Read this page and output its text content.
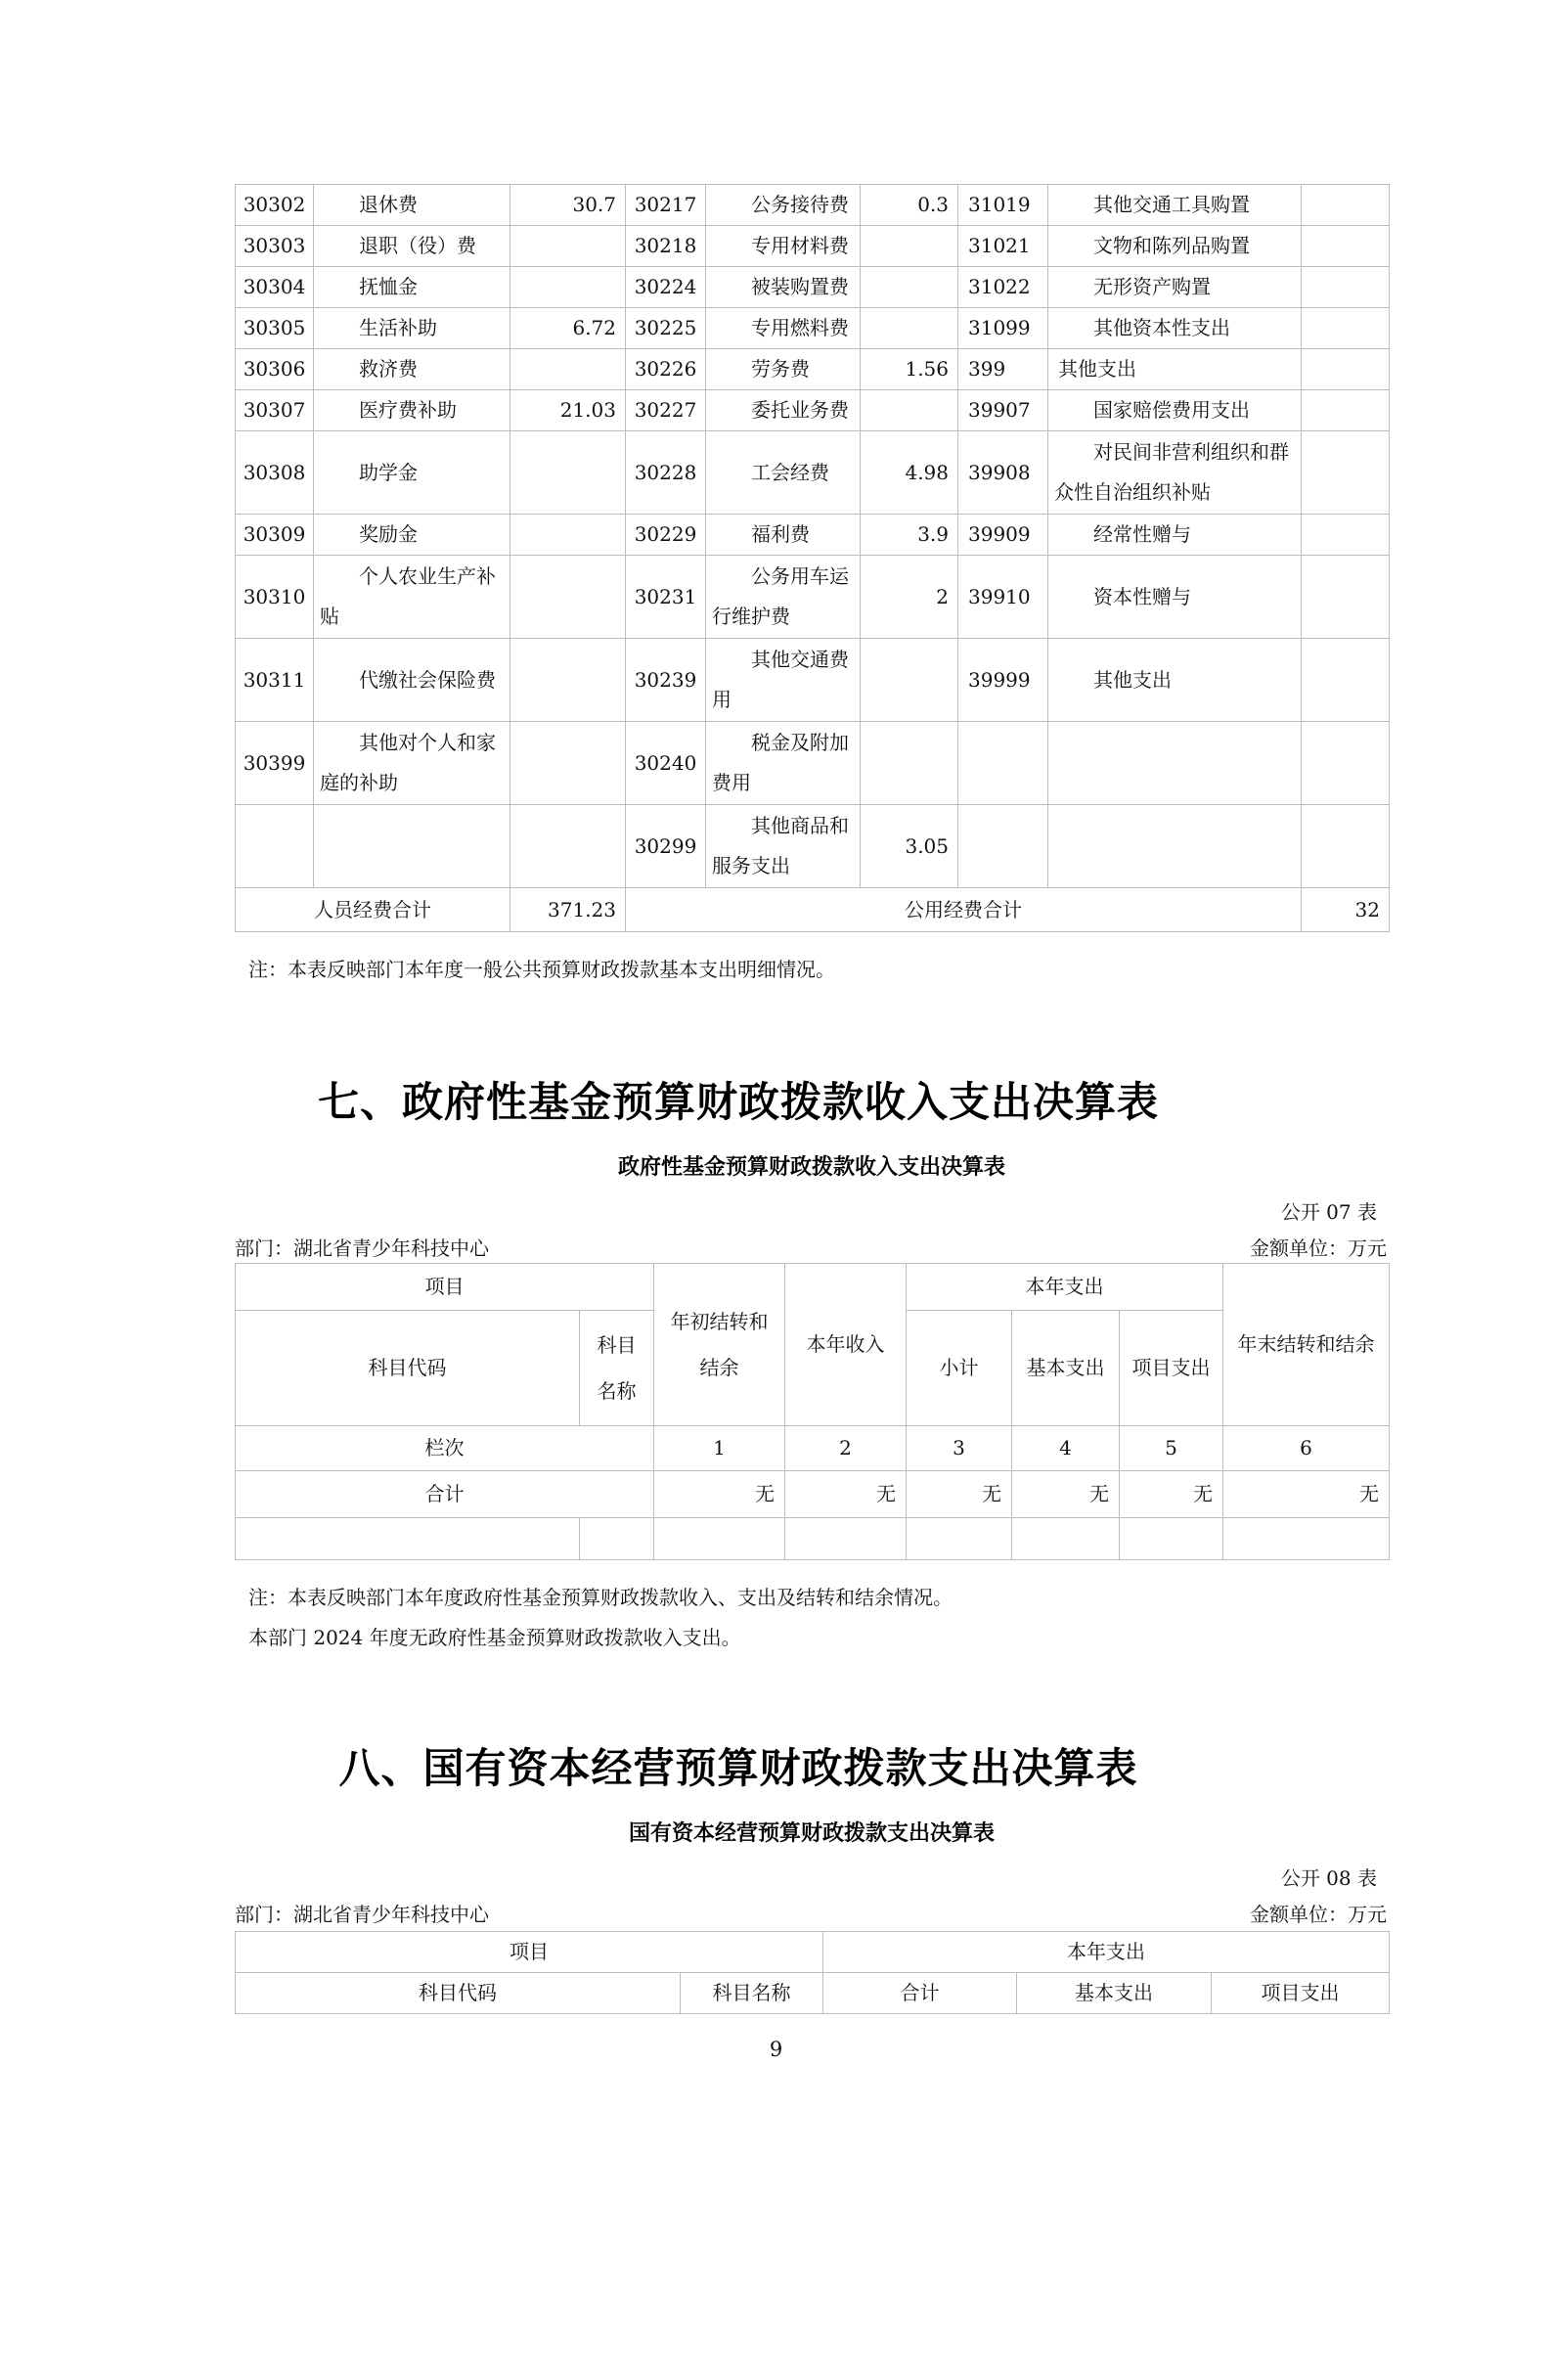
30302	退休费	30.7	30217	公务接待费	0.3	31019	其他交通工具购置	
30303	退职（役）费		30218	专用材料费		31021	文物和陈列品购置	
30304	抚恤金		30224	被装购置费		31022	无形资产购置	
30305	生活补助	6.72	30225	专用燃料费		31099	其他资本性支出	
30306	救济费		30226	劳务费	1.56	399	其他支出	
30307	医疗费补助	21.03	30227	委托业务费		39907	国家赔偿费用支出	
30308	助学金		30228	工会经费	4.98	39908	对民间非营利组织和群众性自治组织补贴	
30309	奖励金		30229	福利费	3.9	39909	经常性赠与	
30310	个人农业生产补贴		30231	公务用车运行维护费	2	39910	资本性赠与	
30311	代缴社会保险费		30239	其他交通费用		39999	其他支出	
30399	其他对个人和家庭的补助		30240	税金及附加费用				
			30299	其他商品和服务支出	3.05			
人员经费合计		371.23	公用经费合计					32
注：本表反映部门本年度一般公共预算财政拨款基本支出明细情况。
七、政府性基金预算财政拨款收入支出决算表
政府性基金预算财政拨款收入支出决算表
公开 07 表
部门：湖北省青少年科技中心	金额单位：万元
项目		年初结转和结余	本年收入	本年支出			年末结转和结余
科目代码	科目名称			小计	基本支出	项目支出	
栏次		1	2	3	4	5	6
合计		无	无	无	无	无	无

注：本表反映部门本年度政府性基金预算财政拨款收入、支出及结转和结余情况。
本部门 2024 年度无政府性基金预算财政拨款收入支出。
八、国有资本经营预算财政拨款支出决算表
国有资本经营预算财政拨款支出决算表
公开 08 表
部门：湖北省青少年科技中心	金额单位：万元
项目		本年支出		
科目代码	科目名称	合计	基本支出	项目支出
9
